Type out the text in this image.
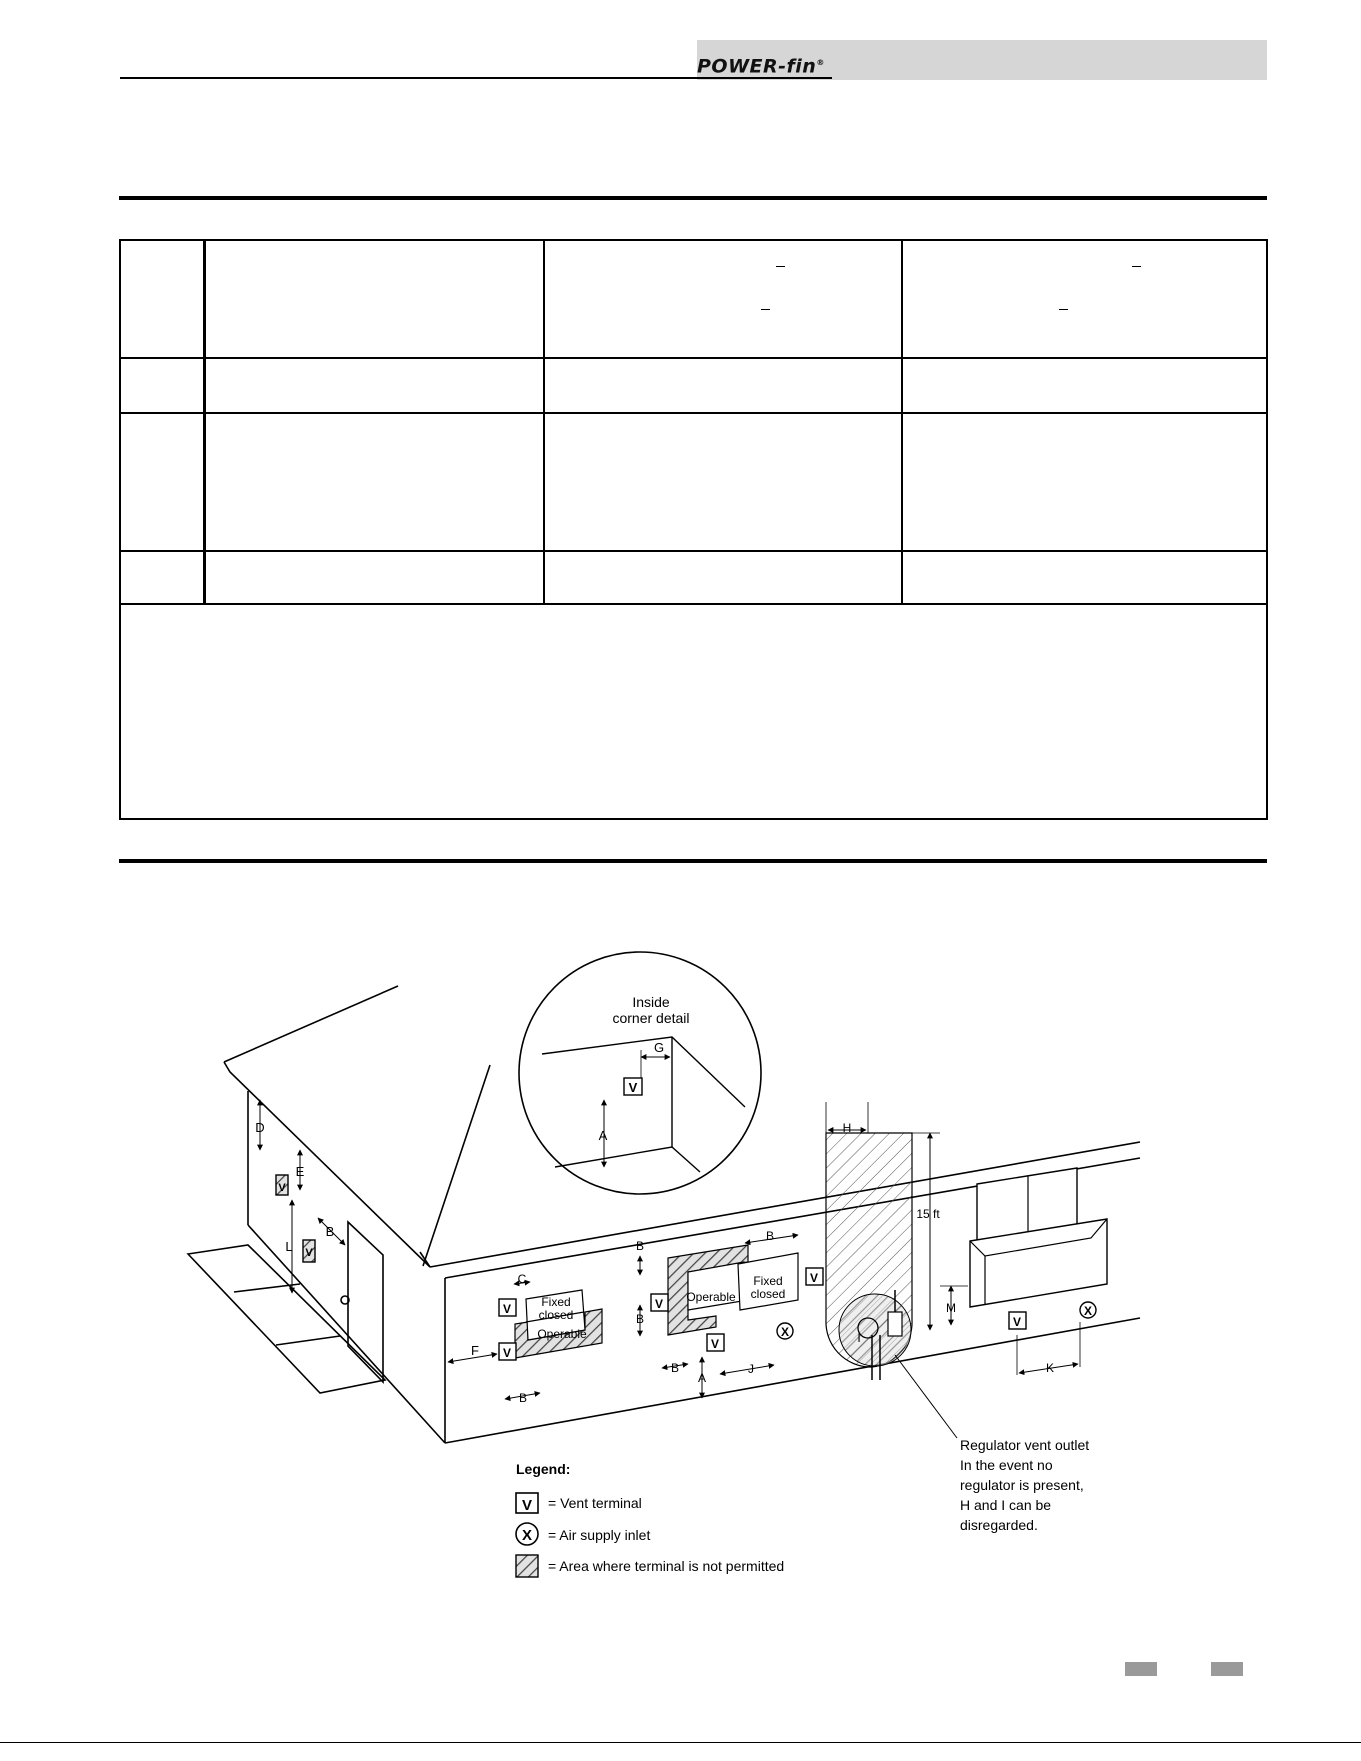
POWER-fin®
Inside
corner detail
V
G
A
D
E
V
L V
B
Fixed
closed
Operable
V
V
C
F
B
Operable
Fixed
closed
V
V
V
X
B
B
B
B
A
J
H
I
15 ft
M
V
X
K
Regulator vent outlet
In the event no
regulator is present,
H and I can be
disregarded.
Legend:
V = Vent terminal
X = Air supply inlet
= Area where terminal is not permitted
